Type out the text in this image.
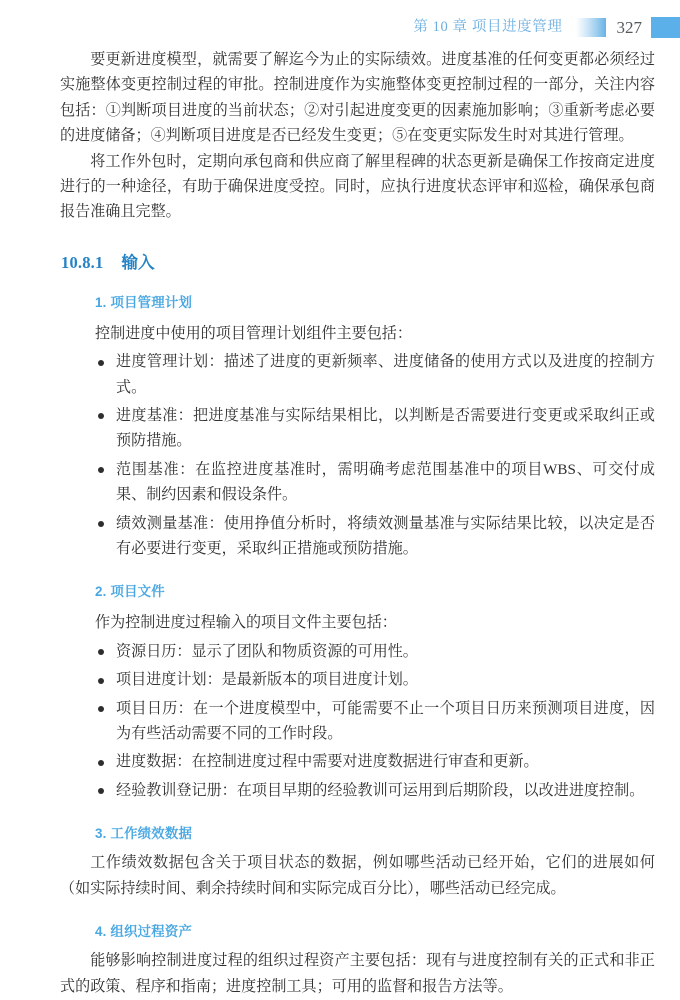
第 10 章 项目进度管理	327

要更新进度模型，就需要了解迄今为止的实际绩效。进度基准的任何变更都必须经过实施整体变更控制过程的审批。控制进度作为实施整体变更控制过程的一部分，关注内容包括：①判断项目进度的当前状态；②对引起进度变更的因素施加影响；③重新考虑必要的进度储备；④判断项目进度是否已经发生变更；⑤在变更实际发生时对其进行管理。

将工作外包时，定期向承包商和供应商了解里程碑的状态更新是确保工作按商定进度进行的一种途径，有助于确保进度受控。同时，应执行进度状态评审和巡检，确保承包商报告准确且完整。

10.8.1 输入
1. 项目管理计划

控制进度中使用的项目管理计划组件主要包括：

进度管理计划：描述了进度的更新频率、进度储备的使用方式以及进度的控制方式。
进度基准：把进度基准与实际结果相比，以判断是否需要进行变更或采取纠正或预防措施。
范围基准：在监控进度基准时，需明确考虑范围基准中的项目WBS、可交付成果、制约因素和假设条件。
绩效测量基准：使用挣值分析时，将绩效测量基准与实际结果比较，以决定是否有必要进行变更，采取纠正措施或预防措施。
2. 项目文件

作为控制进度过程输入的项目文件主要包括：

资源日历：显示了团队和物质资源的可用性。
项目进度计划：是最新版本的项目进度计划。
项目日历：在一个进度模型中，可能需要不止一个项目日历来预测项目进度，因为有些活动需要不同的工作时段。
进度数据：在控制进度过程中需要对进度数据进行审查和更新。
经验教训登记册：在项目早期的经验教训可运用到后期阶段，以改进进度控制。
3. 工作绩效数据

工作绩效数据包含关于项目状态的数据，例如哪些活动已经开始，它们的进展如何（如实际持续时间、剩余持续时间和实际完成百分比），哪些活动已经完成。

4. 组织过程资产

能够影响控制进度过程的组织过程资产主要包括：现有与进度控制有关的正式和非正式的政策、程序和指南；进度控制工具；可用的监督和报告方法等。
